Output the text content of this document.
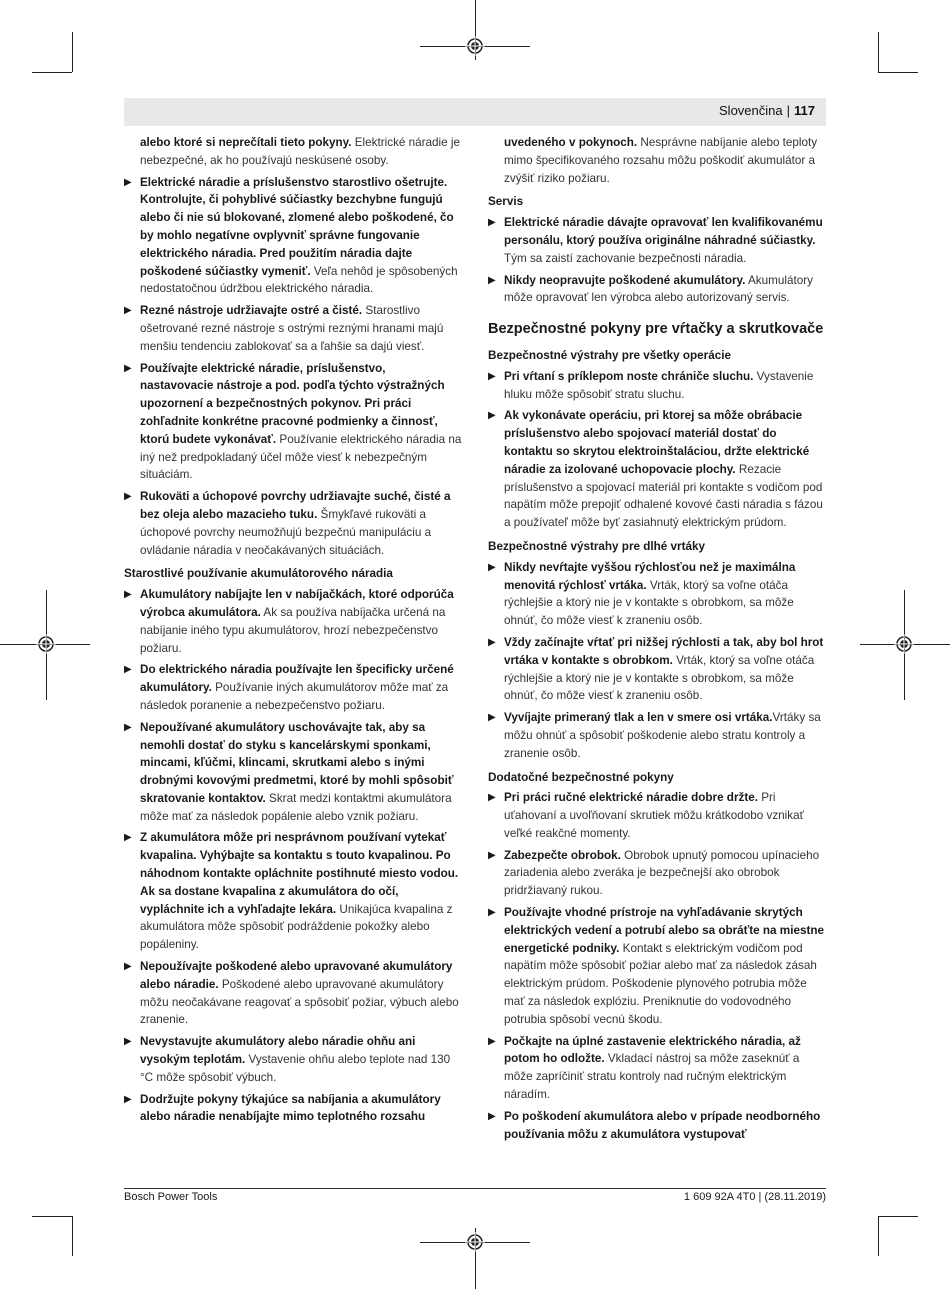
Slovenčina | 117
alebo ktoré si neprečítali tieto pokyny. Elektrické náradie je nebezpečné, ak ho používajú neskúsené osoby.
▶ Elektrické náradie a príslušenstvo starostlivo ošetrujte. Kontrolujte, či pohyblivé súčiastky bezchybne fungujú alebo či nie sú blokované, zlomené alebo poškodené, čo by mohlo negatívne ovplyvniť správne fungovanie elektrického náradia. Pred použitím náradia dajte poškodené súčiastky vymeniť. Veľa nehôd je spôsobených nedostatočnou údržbou elektrického náradia.
▶ Rezné nástroje udržiavajte ostré a čisté. Starostlivo ošetrované rezné nástroje s ostrými reznými hranami majú menšiu tendenciu zablokovať sa a ľahšie sa dajú viesť.
▶ Používajte elektrické náradie, príslušenstvo, nastavovacie nástroje a pod. podľa týchto výstražných upozornení a bezpečnostných pokynov. Pri práci zohľadnite konkrétne pracovné podmienky a činnosť, ktorú budete vykonávať. Používanie elektrického náradia na iný než predpokladaný účel môže viesť k nebezpečným situáciám.
▶ Rukoväti a úchopové povrchy udržiavajte suché, čisté a bez oleja alebo mazacieho tuku. Šmykľavé rukoväti a úchopové povrchy neumožňujú bezpečnú manipuláciu a ovládanie náradia v neočakávaných situáciách.
Starostlivé používanie akumulátorového náradia
▶ Akumulátory nabíjajte len v nabíjačkách, ktoré odporúča výrobca akumulátora. Ak sa používa nabíjačka určená na nabíjanie iného typu akumulátorov, hrozí nebezpečenstvo požiaru.
▶ Do elektrického náradia používajte len špecificky určené akumulátory. Používanie iných akumulátorov môže mať za následok poranenie a nebezpečenstvo požiaru.
▶ Nepoužívané akumulátory uschovávajte tak, aby sa nemohli dostať do styku s kancelárskymi sponkami, mincami, kľúčmi, klincami, skrutkami alebo s inými drobnými kovovými predmetmi, ktoré by mohli spôsobiť skratovanie kontaktov. Skrat medzi kontaktmi akumulátora môže mať za následok popálenie alebo vznik požiaru.
▶ Z akumulátora môže pri nesprávnom používaní vytekať kvapalina. Vyhýbajte sa kontaktu s touto kvapalinou. Po náhodnom kontakte opláchnite postihnuté miesto vodou. Ak sa dostane kvapalina z akumulátora do očí, vypláchnite ich a vyhľadajte lekára. Unikajúca kvapalina z akumulátora môže spôsobiť podráždenie pokožky alebo popáleniny.
▶ Nepoužívajte poškodené alebo upravované akumulátory alebo náradie. Poškodené alebo upravované akumulátory môžu neočakávane reagovať a spôsobiť požiar, výbuch alebo zranenie.
▶ Nevystavujte akumulátory alebo náradie ohňu ani vysokým teplotám. Vystavenie ohňu alebo teplote nad 130 °C môže spôsobiť výbuch.
▶ Dodržujte pokyny týkajúce sa nabíjania a akumulátory alebo náradie nenabíjajte mimo teplotného rozsahu
uvedeného v pokynoch. Nesprávne nabíjanie alebo teploty mimo špecifikovaného rozsahu môžu poškodiť akumulátor a zvýšiť riziko požiaru.
Servis
▶ Elektrické náradie dávajte opravovať len kvalifikovanému personálu, ktorý používa originálne náhradné súčiastky. Tým sa zaistí zachovanie bezpečnosti náradia.
▶ Nikdy neopravujte poškodené akumulátory. Akumulátory môže opravovať len výrobca alebo autorizovaný servis.
Bezpečnostné pokyny pre vŕtačky a skrutkovače
Bezpečnostné výstrahy pre všetky operácie
▶ Pri vŕtaní s príklepom noste chrániče sluchu. Vystavenie hluku môže spôsobiť stratu sluchu.
▶ Ak vykonávate operáciu, pri ktorej sa môže obrábacie príslušenstvo alebo spojovací materiál dostať do kontaktu so skrytou elektroinštaláciou, držte elektrické náradie za izolované uchopovacie plochy. Rezacie príslušenstvo a spojovací materiál pri kontakte s vodičom pod napätím môže prepojiť odhalené kovové časti náradia s fázou a používateľ môže byť zasiahnutý elektrickým prúdom.
Bezpečnostné výstrahy pre dlhé vrtáky
▶ Nikdy nevŕtajte vyššou rýchlosťou než je maximálna menovitá rýchlosť vrtáka. Vrták, ktorý sa voľne otáča rýchlejšie a ktorý nie je v kontakte s obrobkom, sa môže ohnúť, čo môže viesť k zraneniu osôb.
▶ Vždy začínajte vŕtať pri nižšej rýchlosti a tak, aby bol hrot vrtáka v kontakte s obrobkom. Vrták, ktorý sa voľne otáča rýchlejšie a ktorý nie je v kontakte s obrobkom, sa môže ohnúť, čo môže viesť k zraneniu osôb.
▶ Vyvíjajte primeraný tlak a len v smere osi vrtáka.Vrtáky sa môžu ohnúť a spôsobiť poškodenie alebo stratu kontroly a zranenie osôb.
Dodatočné bezpečnostné pokyny
▶ Pri práci ručné elektrické náradie dobre držte. Pri uťahovaní a uvoľňovaní skrutiek môžu krátkodobo vznikať veľké reakčné momenty.
▶ Zabezpečte obrobok. Obrobok upnutý pomocou upínacieho zariadenia alebo zveráka je bezpečnejší ako obrobok pridržiavaný rukou.
▶ Používajte vhodné prístroje na vyhľadávanie skrytých elektrických vedení a potrubí alebo sa obráťte na miestne energetické podniky. Kontakt s elektrickým vodičom pod napätím môže spôsobiť požiar alebo mať za následok zásah elektrickým prúdom. Poškodenie plynového potrubia môže mať za následok explóziu. Preniknutie do vodovodného potrubia spôsobí vecnú škodu.
▶ Počkajte na úplné zastavenie elektrického náradia, až potom ho odložte. Vkladací nástroj sa môže zaseknúť a môže zapríčiniť stratu kontroly nad ručným elektrickým náradím.
▶ Po poškodení akumulátora alebo v prípade neodborného používania môžu z akumulátora vystupovať
Bosch Power Tools	1 609 92A 4T0 | (28.11.2019)
